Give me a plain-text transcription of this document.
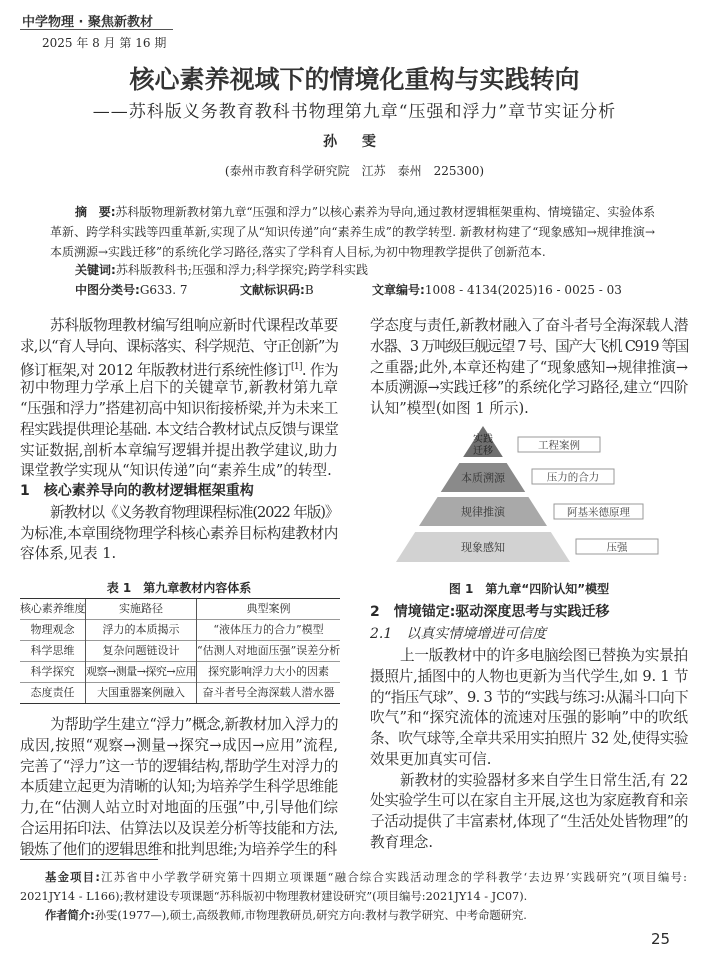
中学物理 · 聚焦新教材
2025 年 8 月 第 16 期
核心素养视域下的情境化重构与实践转向
——苏科版义务教育教科书物理第九章“压强和浮力”章节实证分析
孙 雯
(泰州市教育科学研究院　江苏　泰州　225300)
摘　要:苏科版物理新教材第九章“压强和浮力”以核心素养为导向,通过教材逻辑框架重构、情境锚定、实验体系
革新、跨学科实践等四重革新,实现了从“知识传递”向“素养生成”的教学转型. 新教材构建了“现象感知→规律推演→
本质溯源→实践迁移”的系统化学习路径,落实了学科育人目标,为初中物理教学提供了创新范本.
关键词:苏科版教科书;压强和浮力;科学探究;跨学科实践
中图分类号:G633. 7	文献标识码:B	文章编号:1008 - 4134(2025)16 - 0025 - 03
苏科版物理教材编写组响应新时代课程改革要
求,以“育人导向、课标落实、科学规范、守正创新”为
修订框架,对 2012 年版教材进行系统性修订[1]. 作为
初中物理力学承上启下的关键章节,新教材第九章
“压强和浮力”搭建初高中知识衔接桥梁,并为未来工
程实践提供理论基础. 本文结合教材试点反馈与课堂
实证数据,剖析本章编写逻辑并提出教学建议,助力
课堂教学实现从“知识传递”向“素养生成”的转型.
1　核心素养导向的教材逻辑框架重构
新教材以《义务教育物理课程标准(2022 年版)》
为标准,本章围绕物理学科核心素养目标构建教材内
容体系,见表 1.
为帮助学生建立“浮力”概念,新教材加入浮力的
成因,按照“观察→测量→探究→成因→应用”流程,
完善了“浮力”这一节的逻辑结构,帮助学生对浮力的
本质建立起更为清晰的认知;为培养学生科学思维能
力,在“估测人站立时对地面的压强”中,引导他们综
合运用拓印法、估算法以及误差分析等技能和方法,
锻炼了他们的逻辑思维和批判思维;为培养学生的科
学态度与责任,新教材融入了奋斗者号全海深载人潜
水器、3 万吨级巨舰远望 7 号、国产大飞机 C919 等国
之重器;此外,本章还构建了“现象感知→规律推演→
本质溯源→实践迁移”的系统化学习路径,建立“四阶
认知”模型(如图 1 所示).
2　情境锚定:驱动深度思考与实践迁移
2.1　以真实情境增进可信度
上一版教材中的许多电脑绘图已替换为实景拍
摄照片,插图中的人物也更新为当代学生,如 9. 1 节
的“指压气球”、9. 3 节的“实践与练习:从漏斗口向下
吹气”和“探究流体的流速对压强的影响”中的吹纸
条、吹气球等,全章共采用实拍照片 32 处,使得实验
效果更加真实可信.
新教材的实验器材多来自学生日常生活,有 22
处实验学生可以在家自主开展,这也为家庭教育和亲
子活动提供了丰富素材,体现了“生活处处皆物理”的
教育理念.
表 1　第九章教材内容体系
核心素养维度	实施路径	典型案例
物理观念	浮力的本质揭示	“液体压力的合力”模型
科学思维	复杂问题链设计	“估测人对地面压强”误差分析
科学探究	观察→测量→探究→应用	探究影响浮力大小的因素
态度责任	大国重器案例融入	奋斗者号全海深载人潜水器
实践
迁移	工程案例
本质溯源	压力的合力
规律推演	阿基米德原理
现象感知	压强
图 1　第九章“四阶认知”模型
基金项目:江苏省中小学教学研究第十四期立项课题“融合综合实践活动理念的学科教学‘去边界’实践研究”(项目编号:
2021JY14 - L166);教材建设专项课题“苏科版初中物理教材建设研究”(项目编号:2021JY14 - JC07).
作者简介:孙雯(1977—),硕士,高级教师,市物理教研员,研究方向:教材与教学研究、中考命题研究.
25
